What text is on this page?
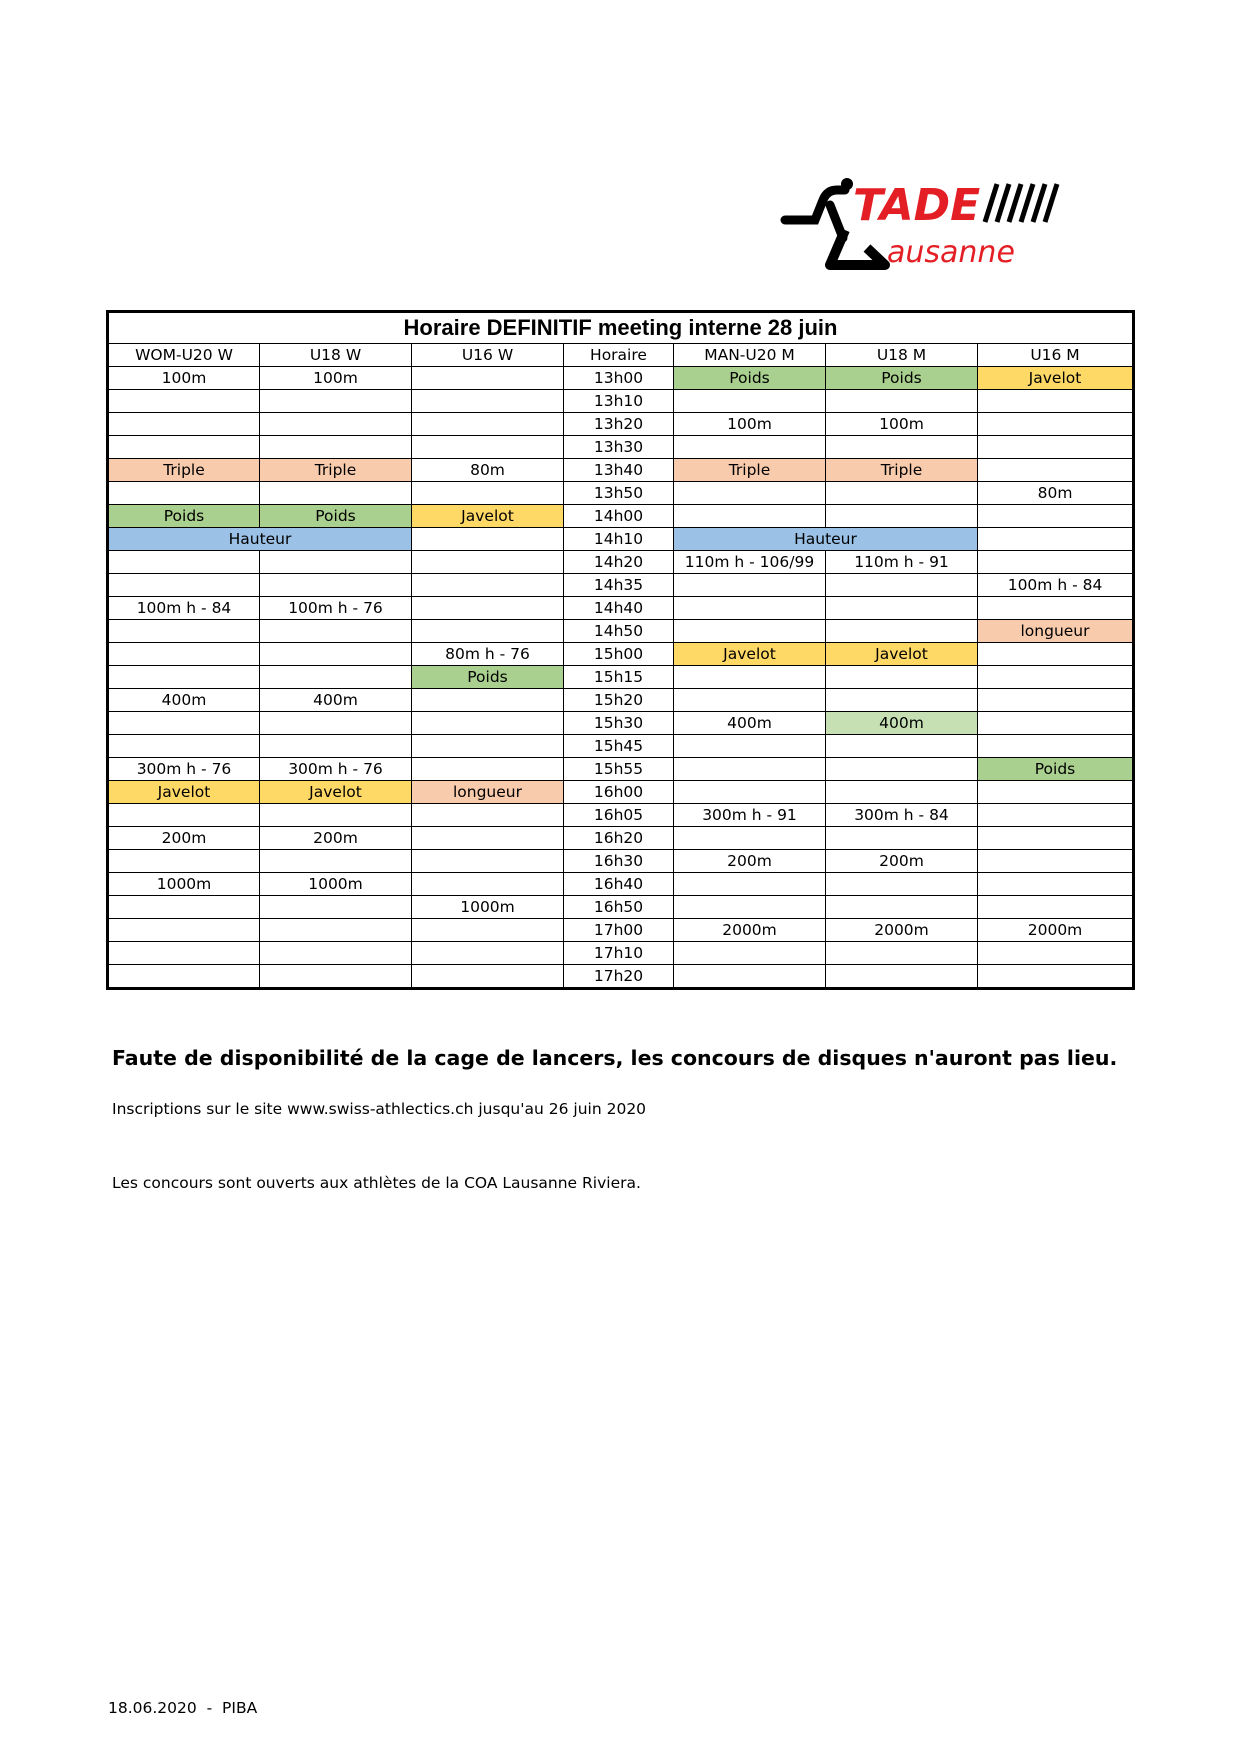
TADE
ausanne
Horaire DEFINITIF meeting interne 28 juin						
WOM-U20 W	U18 W	U16 W	Horaire	MAN-U20 M	U18 M	U16 M
100m	100m		13h00	Poids	Poids	Javelot
			13h10			
			13h20	100m	100m	
			13h30			
Triple	Triple	80m	13h40	Triple	Triple	
			13h50			80m
Poids	Poids	Javelot	14h00			
Hauteur			14h10	Hauteur		
			14h20	110m h - 106/99	110m h - 91	
			14h35			100m h - 84
100m h - 84	100m h - 76		14h40			
			14h50			longueur
		80m h - 76	15h00	Javelot	Javelot	
		Poids	15h15			
400m	400m		15h20			
			15h30	400m	400m	
			15h45			
300m h - 76	300m h - 76		15h55			Poids
Javelot	Javelot	longueur	16h00			
			16h05	300m h - 91	300m h - 84	
200m	200m		16h20			
			16h30	200m	200m	
1000m	1000m		16h40			
		1000m	16h50			
			17h00	2000m	2000m	2000m
			17h10			
			17h20			
Faute de disponibilité de la cage de lancers, les concours de disques n'auront pas lieu.
Inscriptions sur le site www.swiss-athlectics.ch jusqu'au 26 juin 2020
Les concours sont ouverts aux athlètes de la COA Lausanne Riviera.
18.06.2020  -  PIBA
